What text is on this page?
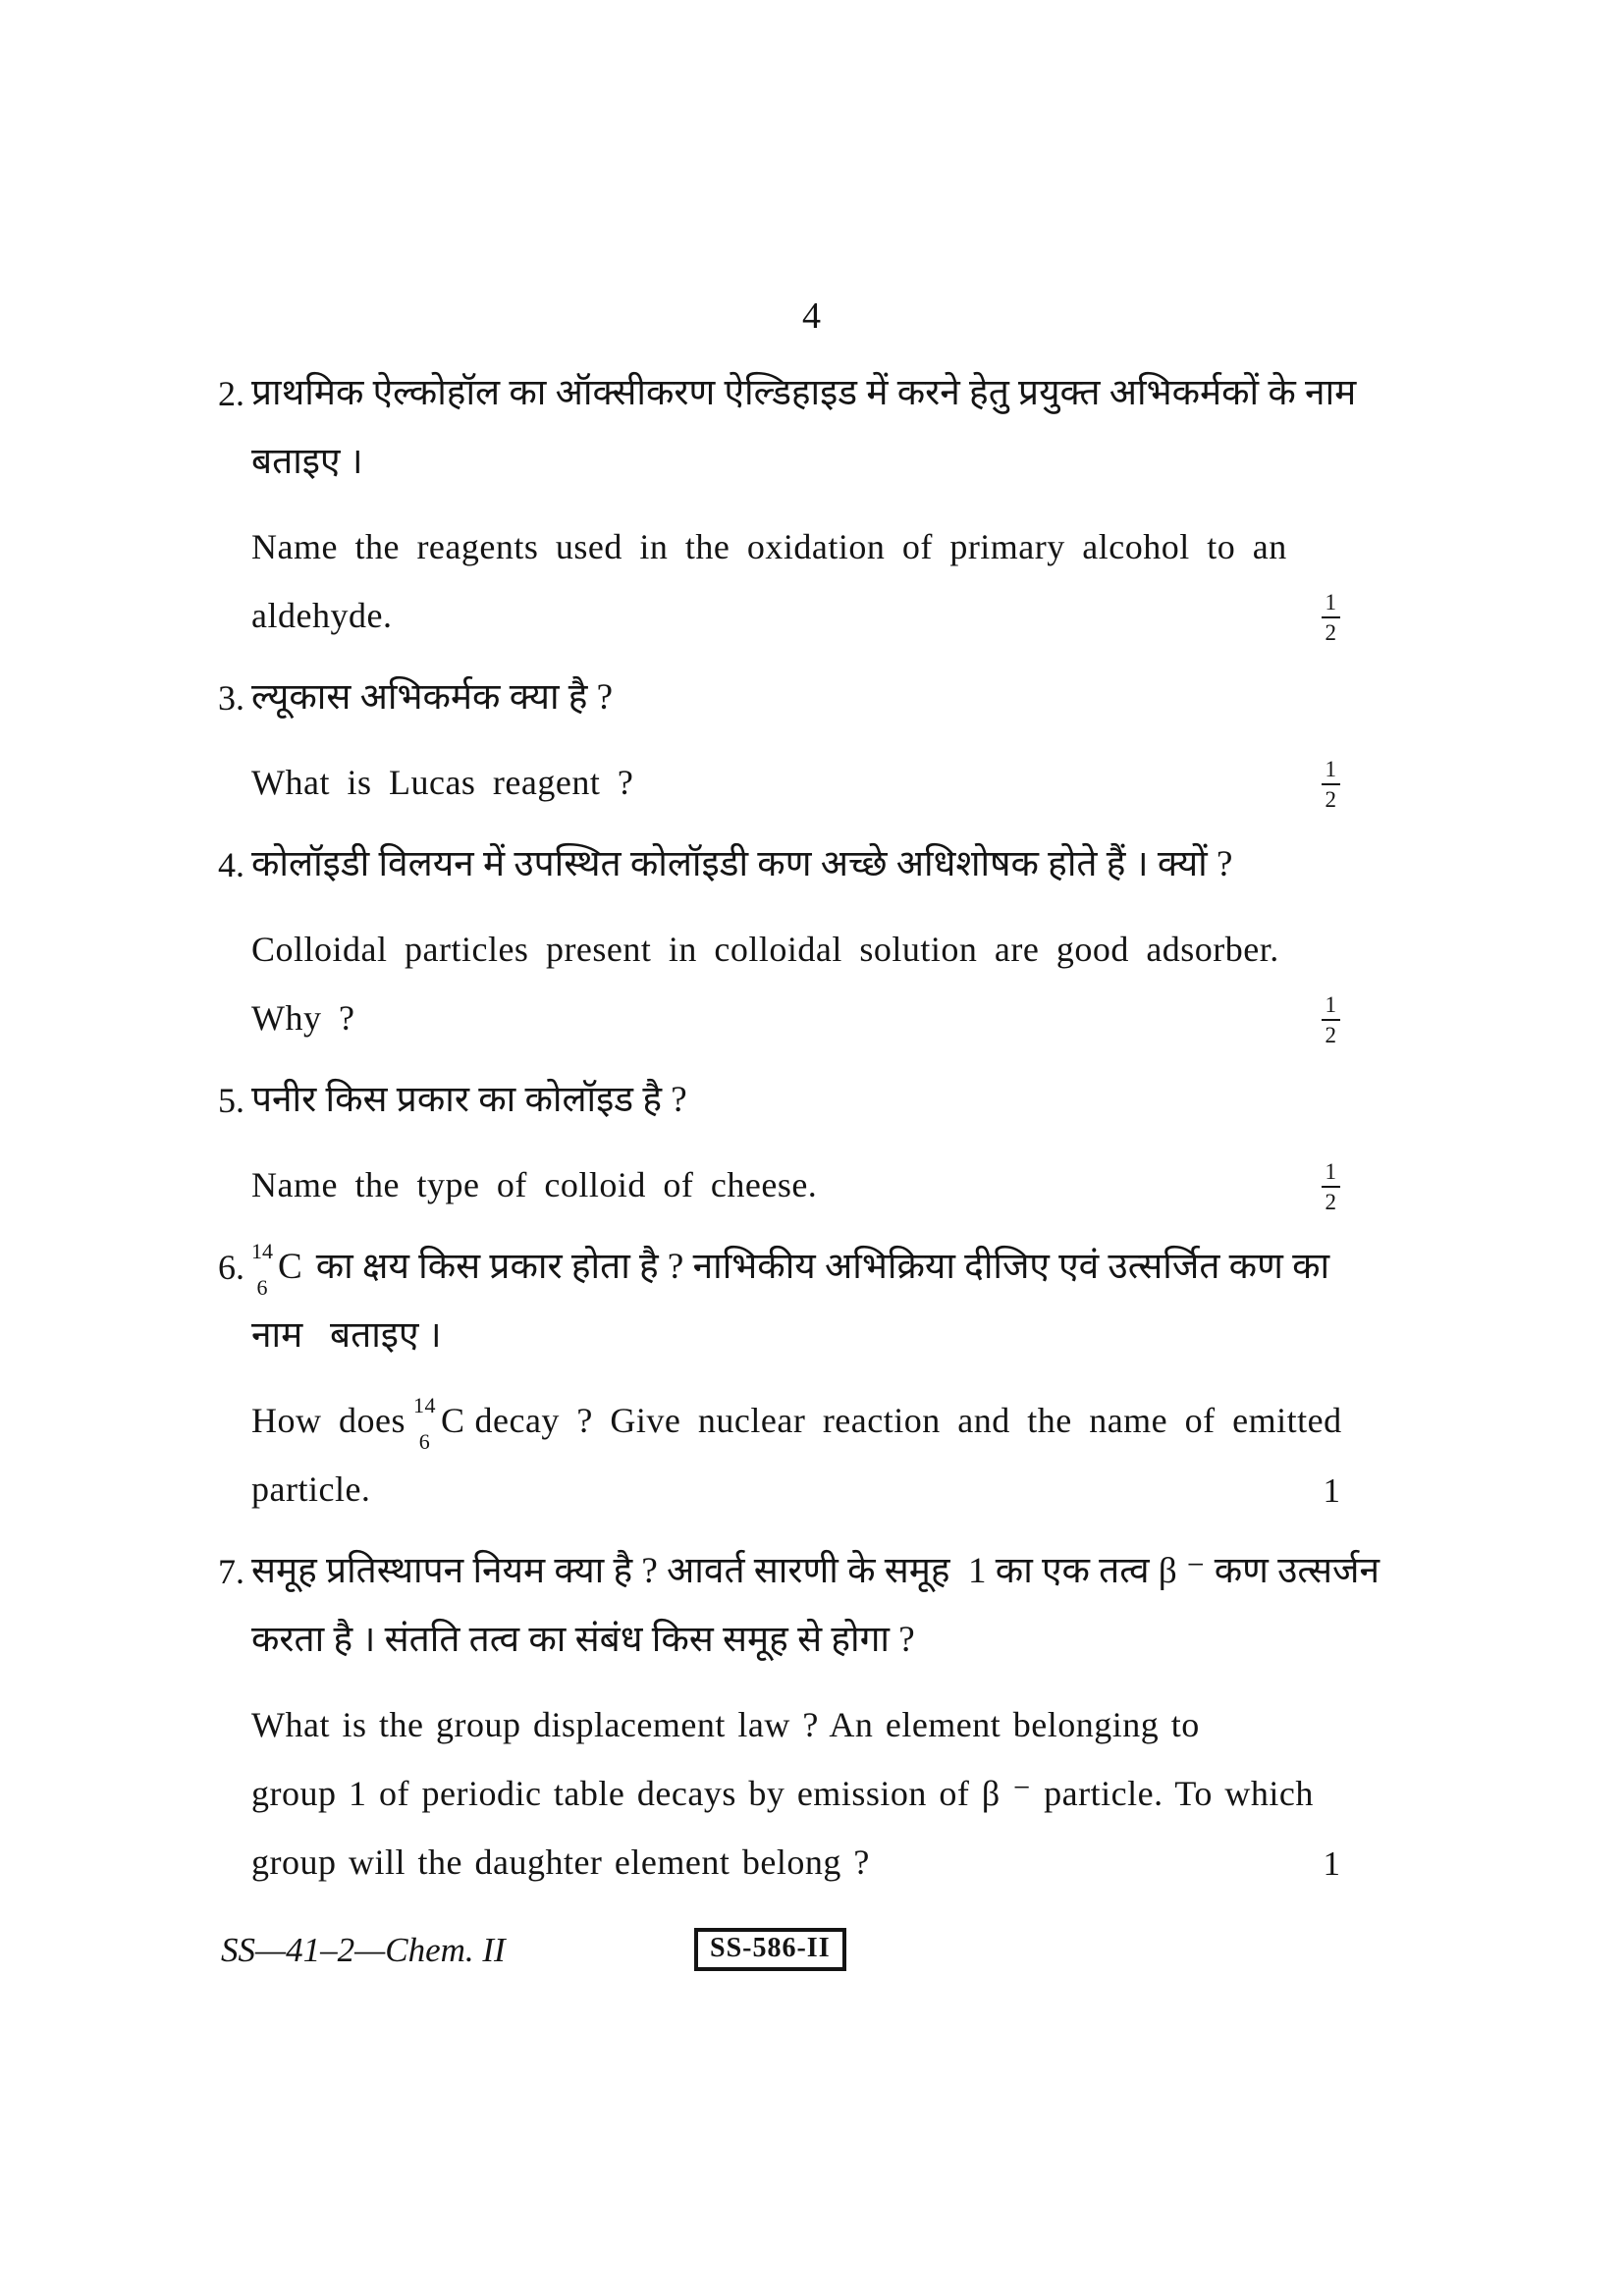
4
2. प्राथमिक ऐल्कोहॉल का ऑक्सीकरण ऐल्डिहाइड में करने हेतु प्रयुक्त अभिकर्मकों के नाम
बताइए ।
Name the reagents used in the oxidation of primary alcohol to an
aldehyde.	$\frac{1}{2}$
3. ल्यूकास अभिकर्मक क्या है ?
What is Lucas reagent ?	$\frac{1}{2}$
4. कोलॉइडी विलयन में उपस्थित कोलॉइडी कण अच्छे अधिशोषक होते हैं । क्यों ?
Colloidal particles present in colloidal solution are good adsorber.
Why ?	$\frac{1}{2}$
5. पनीर किस प्रकार का कोलॉइड है ?
Name the type of colloid of cheese.	$\frac{1}{2}$
6. 14
6
C का क्षय किस प्रकार होता है ? नाभिकीय अभिक्रिया दीजिए एवं उत्सर्जित कण का
नाम   बताइए ।
How does 14
6
C decay ? Give nuclear reaction and the name of emitted
particle.	1
7. समूह प्रतिस्थापन नियम क्या है ? आवर्त सारणी के समूह  1 का एक तत्व β ⁻ कण उत्सर्जन
करता है । संतति तत्व का संबंध किस समूह से होगा ?
What is the group displacement law ? An element belonging to
group 1 of periodic table decays by emission of β ⁻ particle. To which
group will the daughter element belong ?	1
SS—41–2—Chem. II	SS-586-II
